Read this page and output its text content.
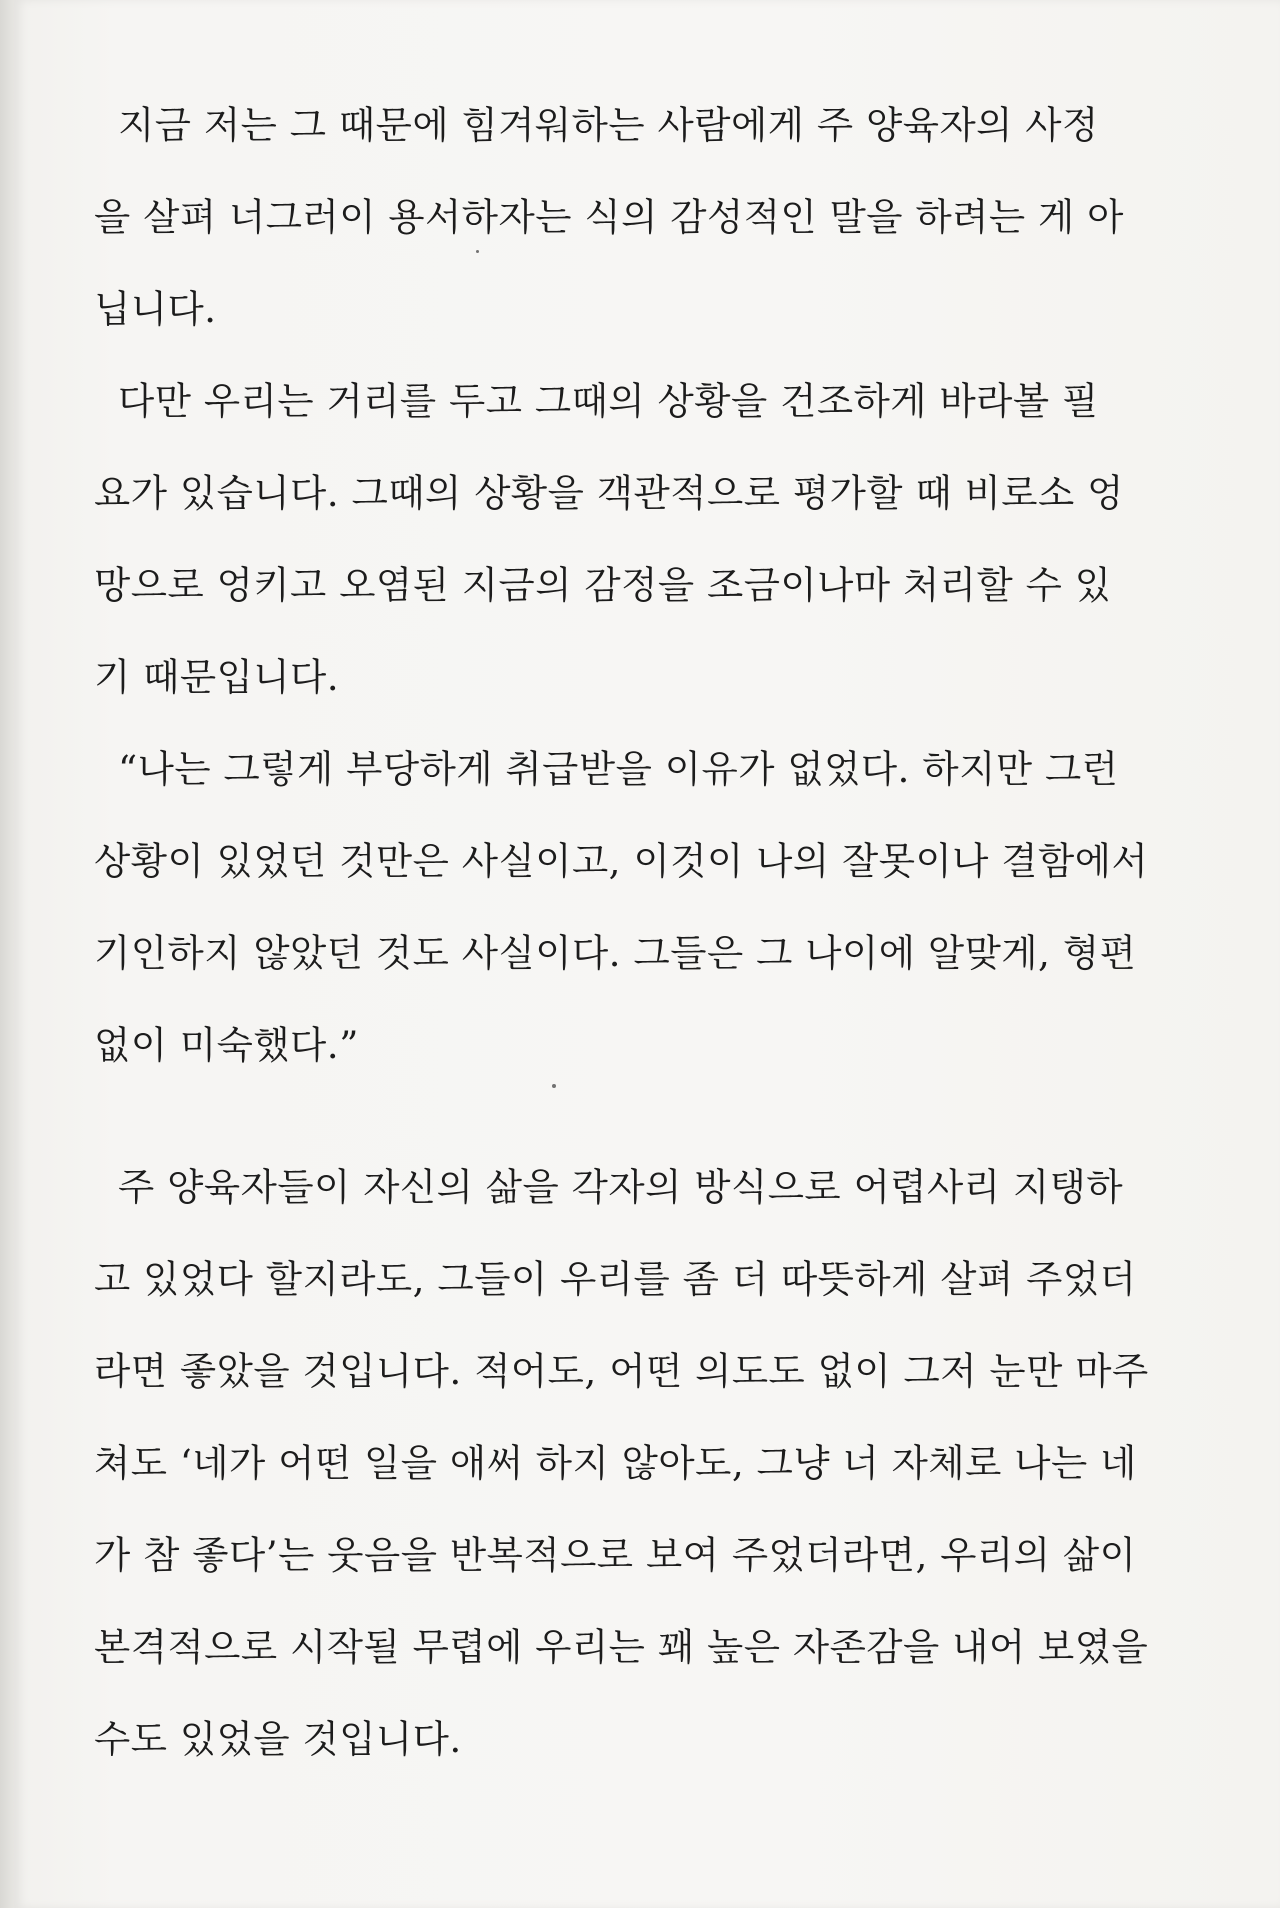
지금 저는 그 때문에 힘겨워하는 사람에게 주 양육자의 사정
을 살펴 너그러이 용서하자는 식의 감성적인 말을 하려는 게 아
닙니다.
다만 우리는 거리를 두고 그때의 상황을 건조하게 바라볼 필
요가 있습니다. 그때의 상황을 객관적으로 평가할 때 비로소 엉
망으로 엉키고 오염된 지금의 감정을 조금이나마 처리할 수 있
기 때문입니다.
“나는 그렇게 부당하게 취급받을 이유가 없었다. 하지만 그런
상황이 있었던 것만은 사실이고, 이것이 나의 잘못이나 결함에서
기인하지 않았던 것도 사실이다. 그들은 그 나이에 알맞게, 형편
없이 미숙했다.”
주 양육자들이 자신의 삶을 각자의 방식으로 어렵사리 지탱하
고 있었다 할지라도, 그들이 우리를 좀 더 따뜻하게 살펴 주었더
라면 좋았을 것입니다. 적어도, 어떤 의도도 없이 그저 눈만 마주
쳐도 ‘네가 어떤 일을 애써 하지 않아도, 그냥 너 자체로 나는 네
가 참 좋다’는 웃음을 반복적으로 보여 주었더라면, 우리의 삶이
본격적으로 시작될 무렵에 우리는 꽤 높은 자존감을 내어 보였을
수도 있었을 것입니다.
